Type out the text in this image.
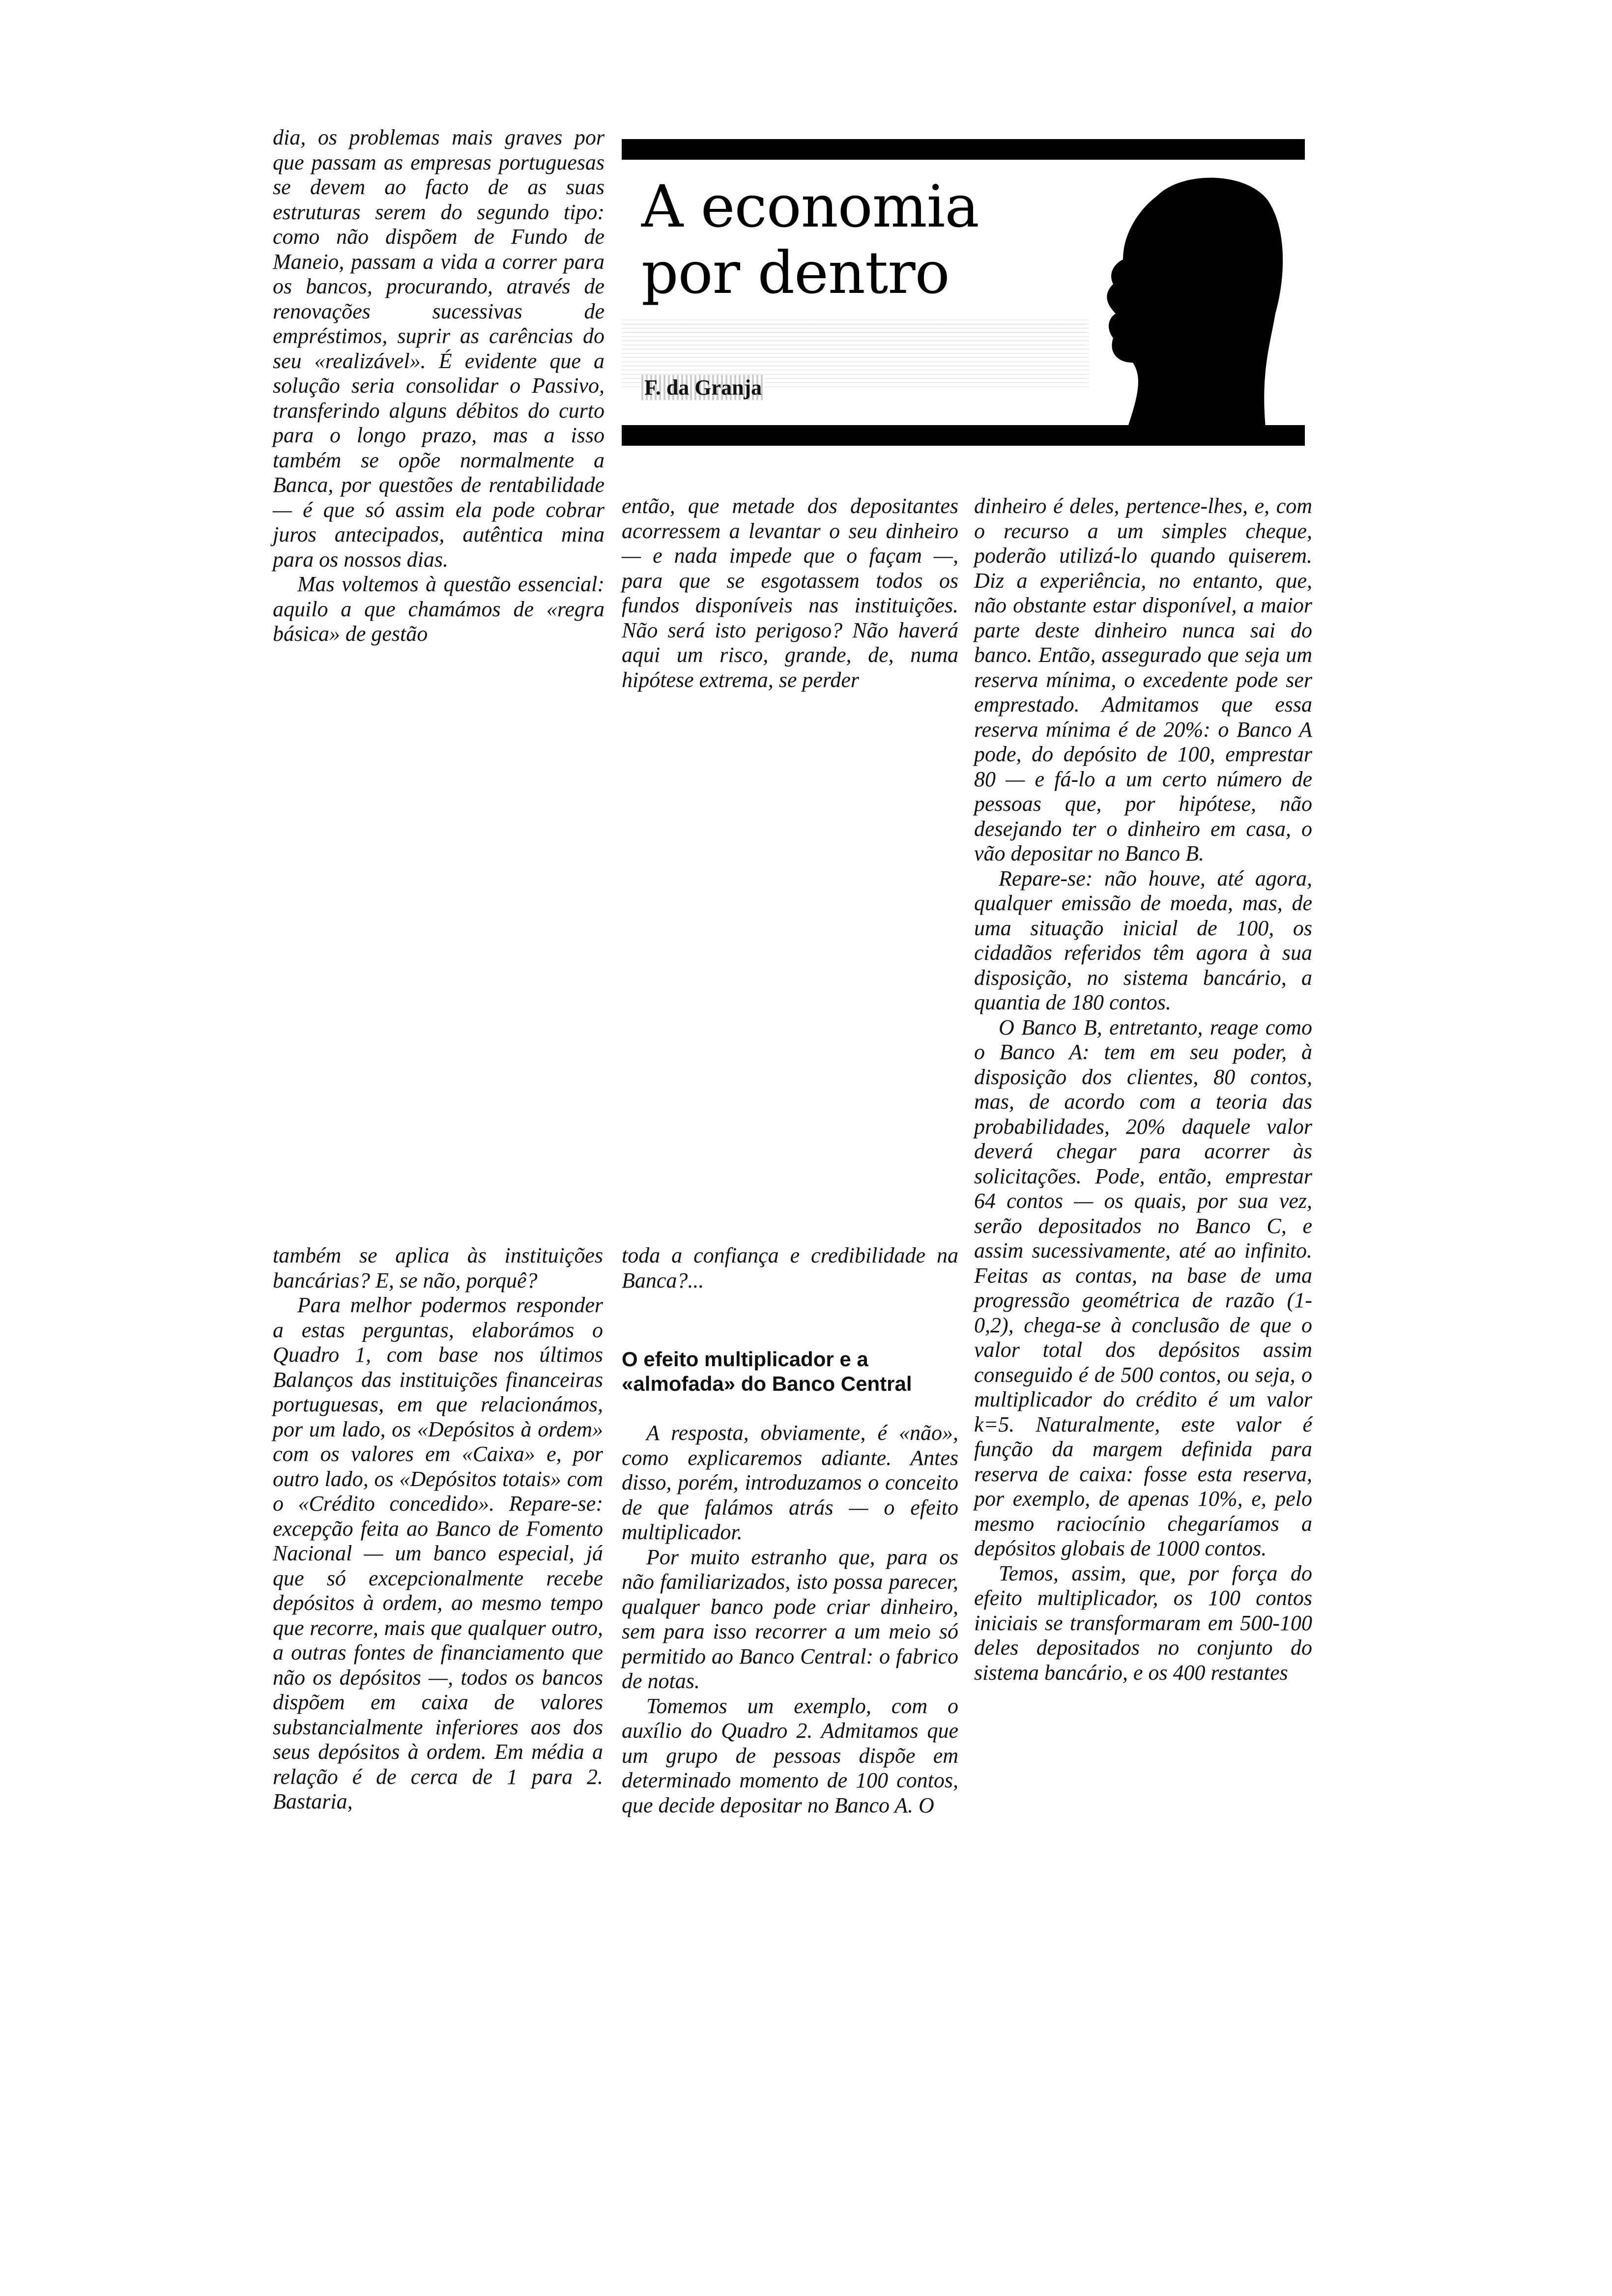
A economia
por dentro
F. da Granja

dia, os problemas mais graves por que passam as empresas portuguesas se devem ao facto de as suas estruturas serem do segundo tipo: como não dispõem de Fundo de Maneio, passam a vida a correr para os bancos, procurando, através de renovações sucessivas de empréstimos, suprir as carências do seu «realizável». É evidente que a solução seria consolidar o Passivo, transferindo alguns débitos do curto para o longo prazo, mas a isso também se opõe normalmente a Banca, por questões de rentabilidade — é que só assim ela pode cobrar juros antecipados, autêntica mina para os nossos dias.

Mas voltemos à questão essencial: aquilo a que chamámos de «regra básica» de gestão

então, que metade dos depositantes acorressem a levantar o seu dinheiro — e nada impede que o façam —, para que se esgotassem todos os fundos disponíveis nas instituições. Não será isto perigoso? Não haverá aqui um risco, grande, de, numa hipótese extrema, se perder

dinheiro é deles, pertence-lhes, e, com o recurso a um simples cheque, poderão utilizá-lo quando quiserem. Diz a experiência, no entanto, que, não obstante estar disponível, a maior parte deste dinheiro nunca sai do banco. Então, assegurado que seja um reserva mínima, o excedente pode ser emprestado. Admitamos que essa reserva mínima é de 20%: o Banco A pode, do depósito de 100, emprestar 80 — e fá-lo a um certo número de pessoas que, por hipótese, não desejando ter o dinheiro em casa, o vão depositar no Banco B.

Repare-se: não houve, até agora, qualquer emissão de moeda, mas, de uma situação inicial de 100, os cidadãos referidos têm agora à sua disposição, no sistema bancário, a quantia de 180 contos.

O Banco B, entretanto, reage como o Banco A: tem em seu poder, à disposição dos clientes, 80 contos, mas, de acordo com a teoria das probabilidades, 20% daquele valor deverá chegar para acorrer às solicitações. Pode, então, emprestar 64 contos — os quais, por sua vez, serão depositados no Banco C, e assim sucessivamente, até ao infinito. Feitas as contas, na base de uma progressão geométrica de razão (1-0,2), chega-se à conclusão de que o valor total dos depósitos assim conseguido é de 500 contos, ou seja, o multiplicador do crédito é um valor k=5. Naturalmente, este valor é função da margem definida para reserva de caixa: fosse esta reserva, por exemplo, de apenas 10%, e, pelo mesmo raciocínio chegaríamos a depósitos globais de 1000 contos.

Temos, assim, que, por força do efeito multiplicador, os 100 contos iniciais se transformaram em 500-100 deles depositados no conjunto do sistema bancário, e os 400 restantes

também se aplica às instituições bancárias? E, se não, porquê?

Para melhor podermos responder a estas perguntas, elaborámos o Quadro 1, com base nos últimos Balanços das instituições financeiras portuguesas, em que relacionámos, por um lado, os «Depósitos à ordem» com os valores em «Caixa» e, por outro lado, os «Depósitos totais» com o «Crédito concedido». Repare-se: excepção feita ao Banco de Fomento Nacional — um banco especial, já que só excepcionalmente recebe depósitos à ordem, ao mesmo tempo que recorre, mais que qualquer outro, a outras fontes de financiamento que não os depósitos —, todos os bancos dispõem em caixa de valores substancialmente inferiores aos dos seus depósitos à ordem. Em média a relação é de cerca de 1 para 2. Bastaria,

toda a confiança e credibilidade na Banca?...

O efeito multiplicador e a «almofada» do Banco Central

A resposta, obviamente, é «não», como explicaremos adiante. Antes disso, porém, introduzamos o conceito de que falámos atrás — o efeito multiplicador.

Por muito estranho que, para os não familiarizados, isto possa parecer, qualquer banco pode criar dinheiro, sem para isso recorrer a um meio só permitido ao Banco Central: o fabrico de notas.

Tomemos um exemplo, com o auxílio do Quadro 2. Admitamos que um grupo de pessoas dispõe em determinado momento de 100 contos, que decide depositar no Banco A. O
